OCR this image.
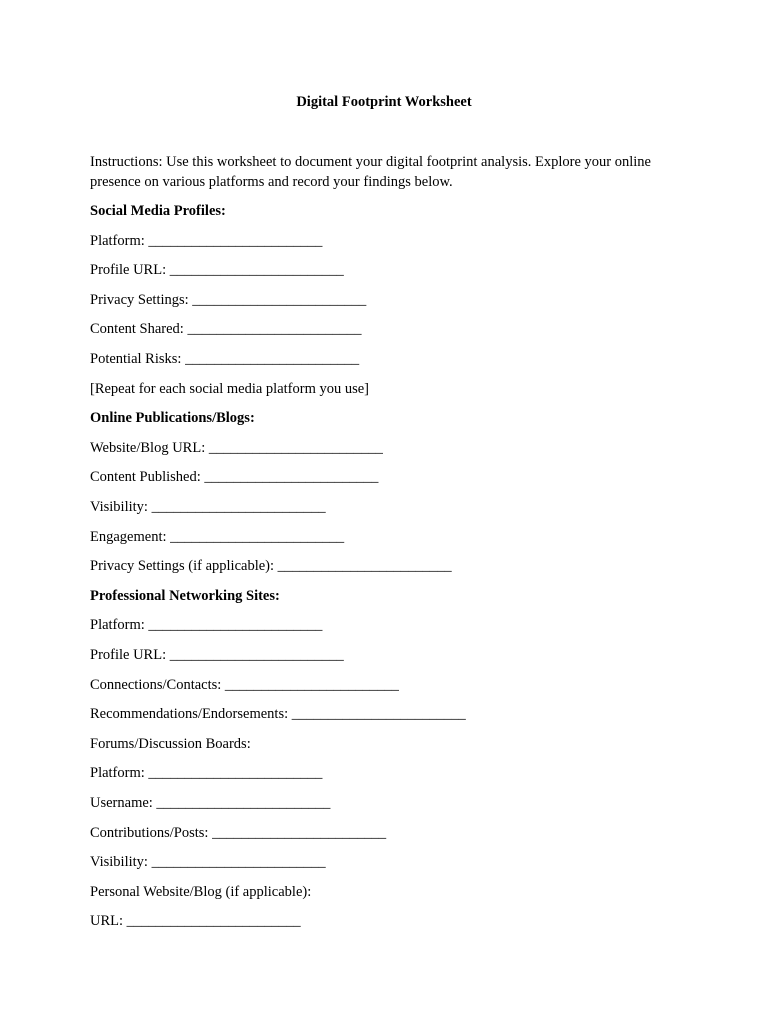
Digital Footprint Worksheet
Instructions: Use this worksheet to document your digital footprint analysis. Explore your online presence on various platforms and record your findings below.
Social Media Profiles:
Platform: ________________________
Profile URL: ________________________
Privacy Settings: ________________________
Content Shared: ________________________
Potential Risks: ________________________
[Repeat for each social media platform you use]
Online Publications/Blogs:
Website/Blog URL: ________________________
Content Published: ________________________
Visibility: ________________________
Engagement: ________________________
Privacy Settings (if applicable): ________________________
Professional Networking Sites:
Platform: ________________________
Profile URL: ________________________
Connections/Contacts: ________________________
Recommendations/Endorsements: ________________________
Forums/Discussion Boards:
Platform: ________________________
Username: ________________________
Contributions/Posts: ________________________
Visibility: ________________________
Personal Website/Blog (if applicable):
URL: ________________________
